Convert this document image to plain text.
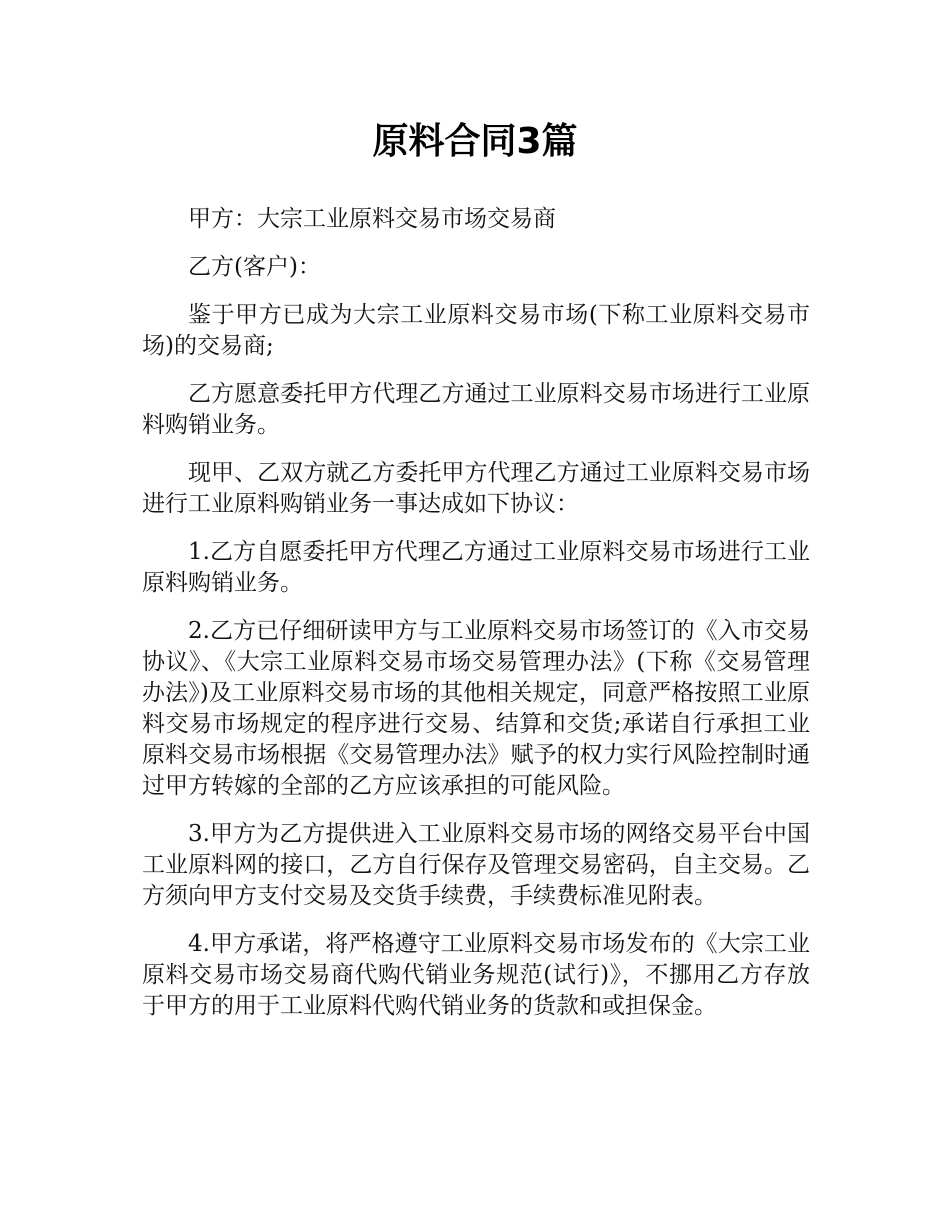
原料合同3篇

甲方：大宗工业原料交易市场交易商

乙方(客户)：

鉴于甲方已成为大宗工业原料交易市场(下称工业原料交易市场)的交易商;

乙方愿意委托甲方代理乙方通过工业原料交易市场进行工业原料购销业务。

现甲、乙双方就乙方委托甲方代理乙方通过工业原料交易市场进行工业原料购销业务一事达成如下协议：

1.乙方自愿委托甲方代理乙方通过工业原料交易市场进行工业原料购销业务。

2.乙方已仔细研读甲方与工业原料交易市场签订的《入市交易协议》、《大宗工业原料交易市场交易管理办法》(下称《交易管理办法》)及工业原料交易市场的其他相关规定，同意严格按照工业原料交易市场规定的程序进行交易、结算和交货;承诺自行承担工业原料交易市场根据《交易管理办法》赋予的权力实行风险控制时通过甲方转嫁的全部的乙方应该承担的可能风险。

3.甲方为乙方提供进入工业原料交易市场的网络交易平台中国工业原料网的接口，乙方自行保存及管理交易密码，自主交易。乙方须向甲方支付交易及交货手续费，手续费标准见附表。

4.甲方承诺，将严格遵守工业原料交易市场发布的《大宗工业原料交易市场交易商代购代销业务规范(试行)》，不挪用乙方存放于甲方的用于工业原料代购代销业务的货款和或担保金。
